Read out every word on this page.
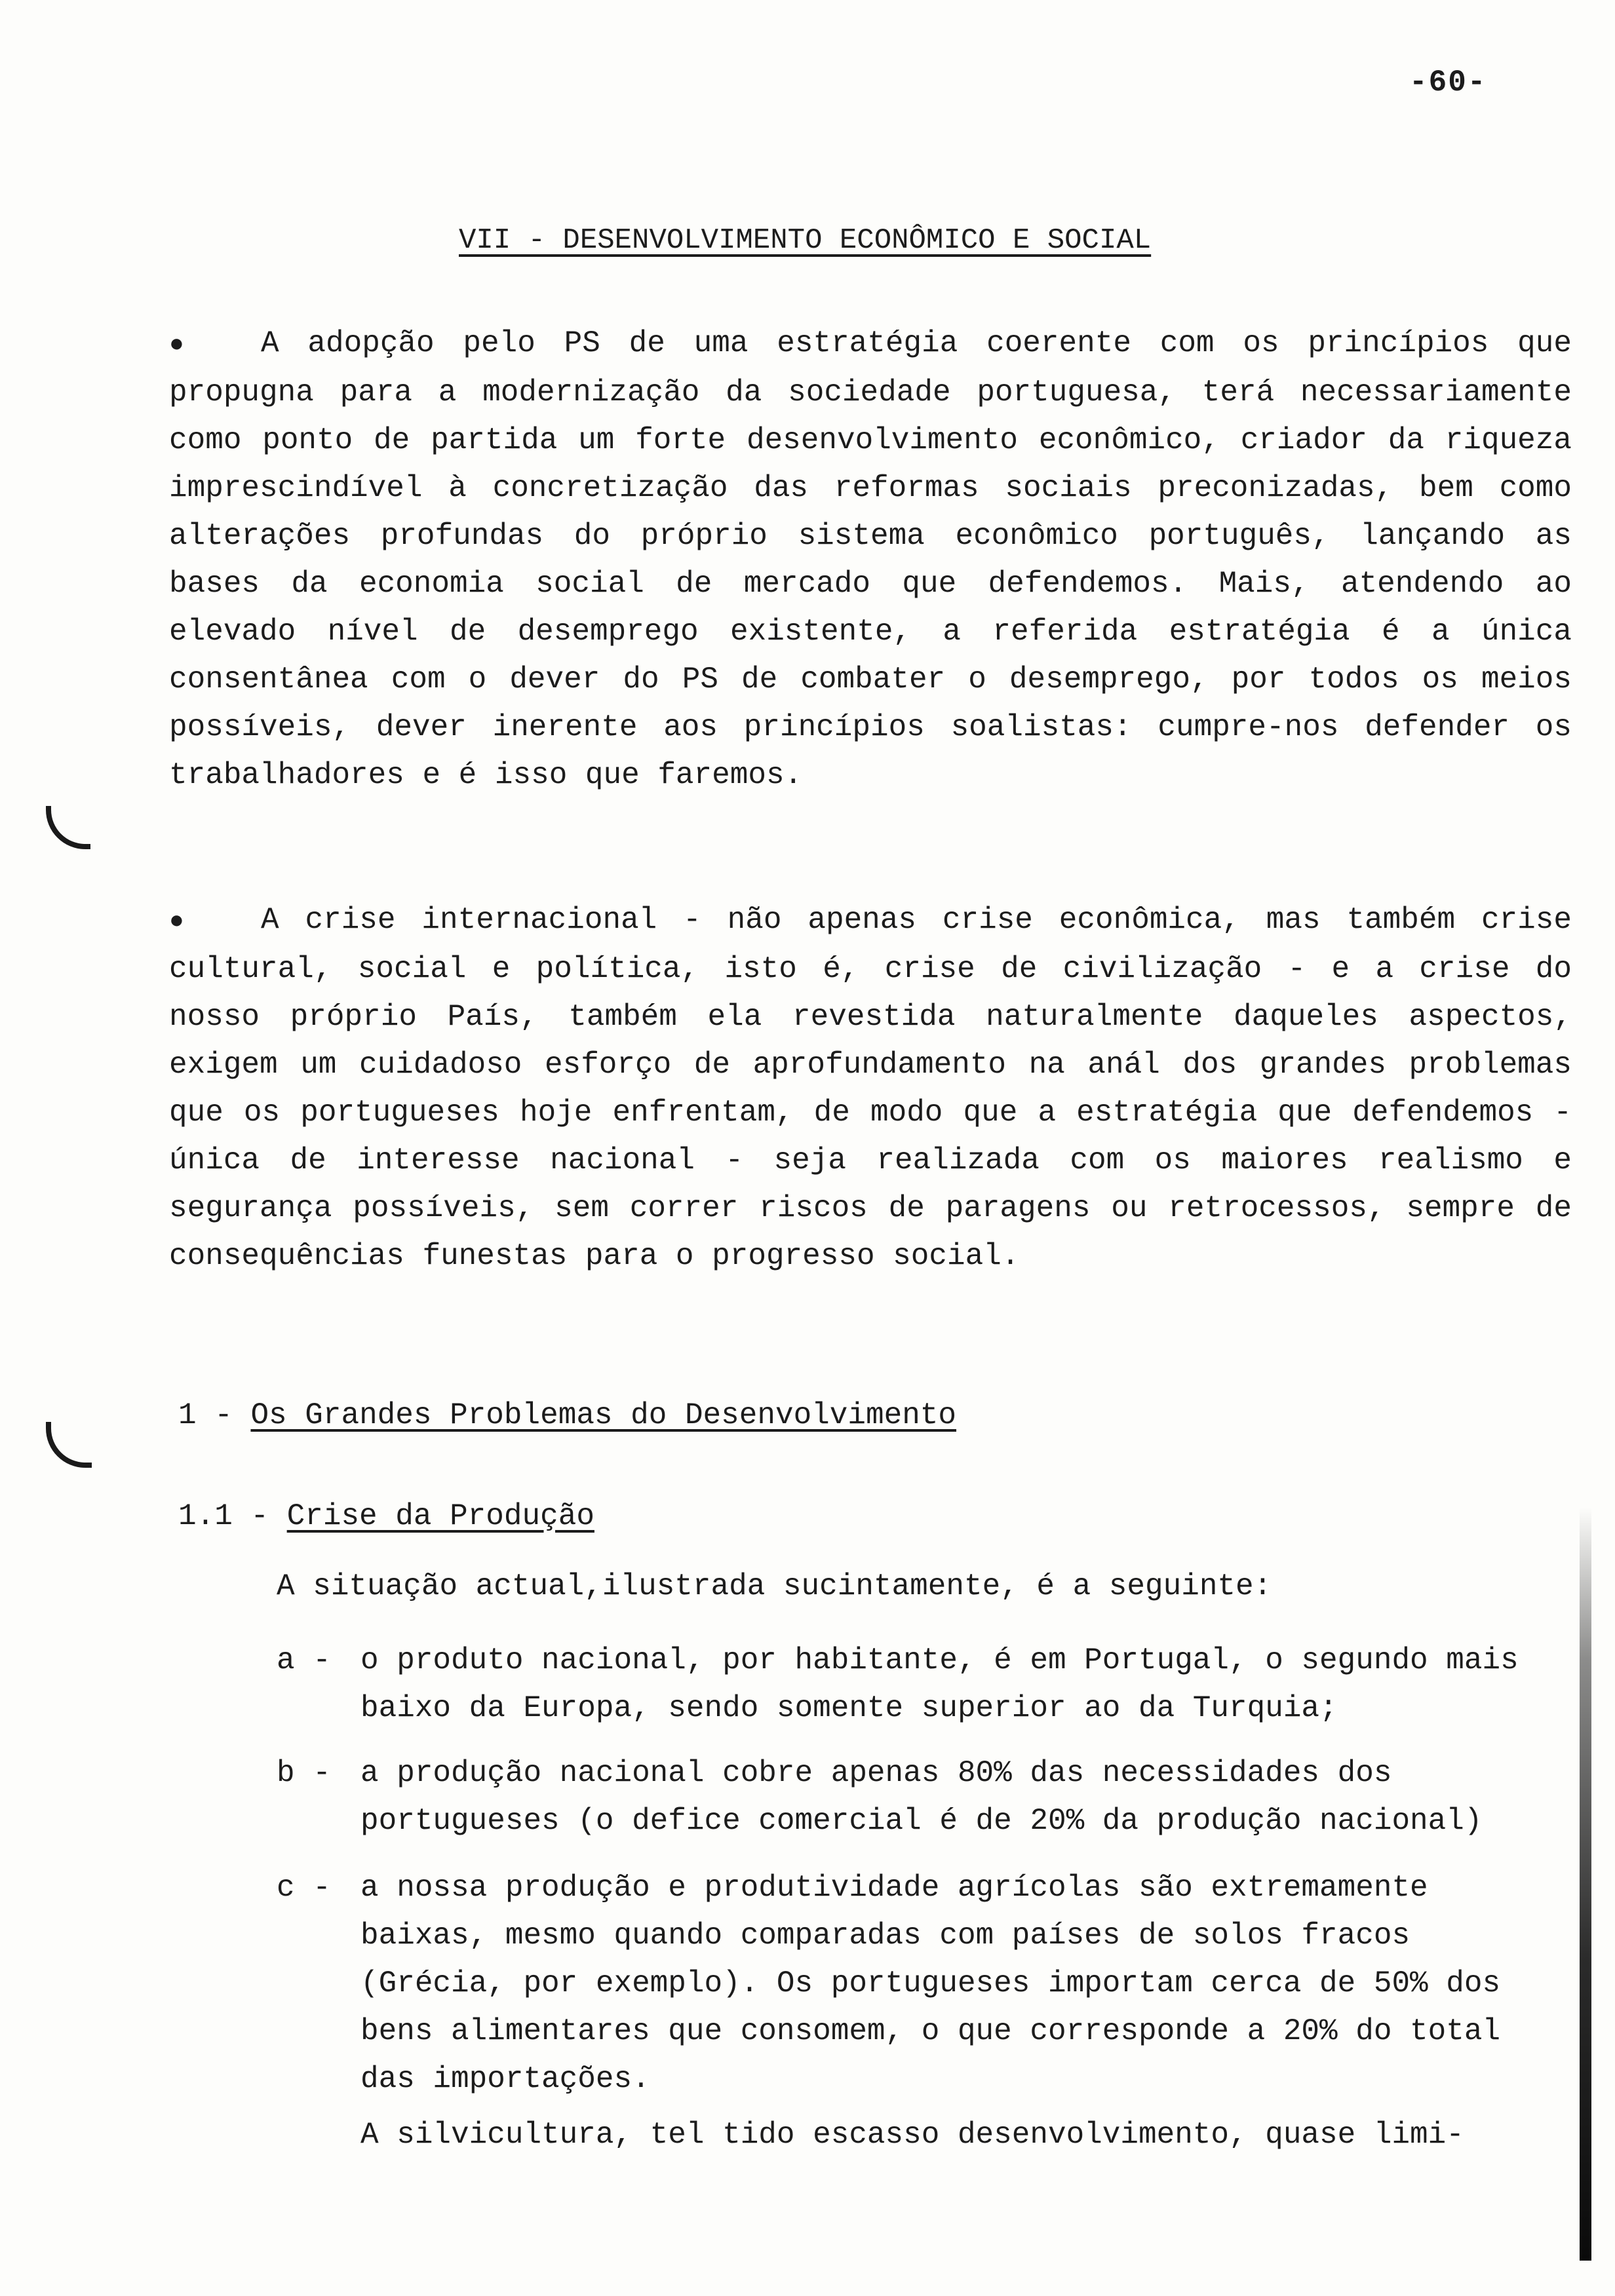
-60-
VII - DESENVOLVIMENTO ECONÔMICO E SOCIAL
●	A adopção pelo PS de uma estratégia coerente com os princípios que propugna para a modernização da sociedade portuguesa, terá necessariamente como ponto de partida um forte desenvolvimento econômico, criador da riqueza imprescindível à concretização das reformas sociais preconizadas, bem como alterações profundas do próprio sistema econômico português, lançando as bases da economia social de mercado que defendemos. Mais, atendendo ao elevado nível de desemprego existente, a referida estratégia é a única consentânea com o dever do PS de combater o desemprego, por todos os meios possíveis, dever inerente aos princípios soalistas: cumpre-nos defender os trabalhadores e é isso que faremos.
●	A crise internacional - não apenas crise econômica, mas também crise cultural, social e política, isto é, crise de civilização - e a crise do nosso próprio País, também ela revestida naturalmente daqueles aspectos, exigem um cuidadoso esforço de aprofundamento na anál dos grandes problemas que os portugueses hoje enfrentam, de modo que a estratégia que defendemos - única de interesse nacional - seja realizada com os maiores realismo e segurança possíveis, sem correr riscos de paragens ou retrocessos, sempre de consequências funestas para o progresso social.
1 - Os Grandes Problemas do Desenvolvimento
1.1 - Crise da Produção
A situação actual,ilustrada sucintamente, é a seguinte:
a - o produto nacional, por habitante, é em Portugal, o segundo mais baixo da Europa, sendo somente superior ao da Turquia;
b - a produção nacional cobre apenas 80% das necessidades dos portugueses (o defice comercial é de 20% da produção nacional)
c - a nossa produção e produtividade agrícolas são extremamente baixas, mesmo quando comparadas com países de solos fracos (Grécia, por exemplo). Os portugueses importam cerca de 50% dos bens alimentares que consomem, o que corresponde a 20% do total das importações.
A silvicultura, tel tido escasso desenvolvimento, quase limi-
